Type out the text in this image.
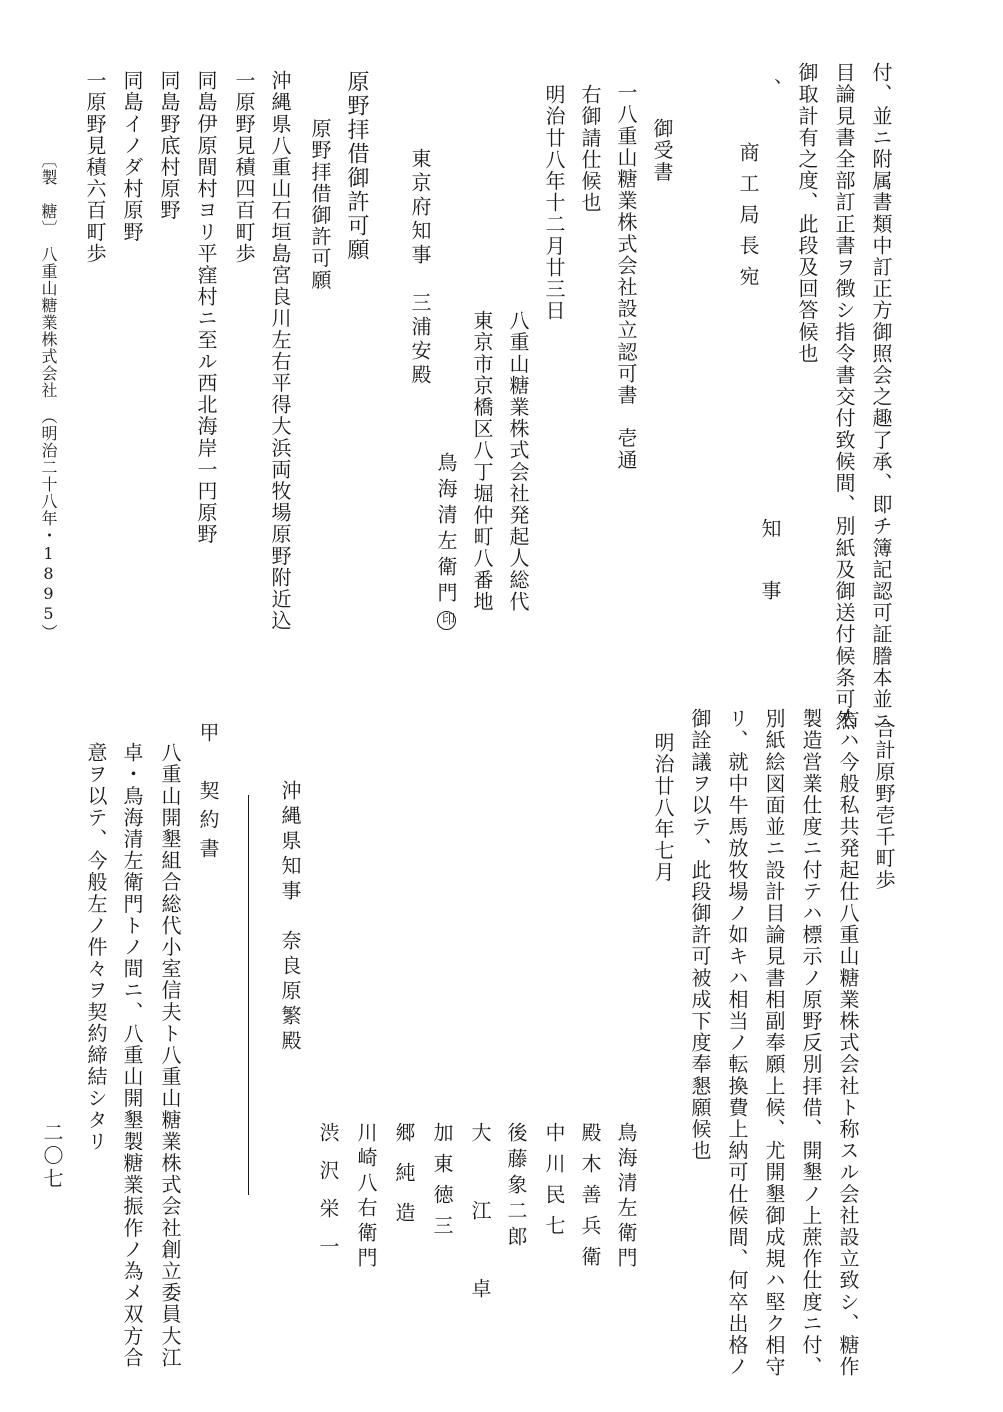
付、並ニ附属書類中訂正方御照会之趣了承、即チ簿記認可証謄本並ニ
目論見書全部訂正書ヲ徴シ指令書交付致候間、別紙及御送付候条可然
御取計有之度、此段及回答候也
、
商工局長宛
知　事
御受書
一八重山糖業株式会社設立認可書　壱通
右御請仕候也
明治廿八年十二月廿三日
八重山糖業株式会社発起人総代
東京市京橋区八丁堀仲町八番地
鳥海清左衛門印
東京府知事　三浦安殿
原野拝借御許可願
原野拝借御許可願
沖縄県八重山石垣島宮良川左右平得大浜両牧場原野附近込
一原野見積四百町歩
同島伊原間村ヨリ平窪村ニ至ル西北海岸一円原野
同島野底村原野
同島イノダ村原野
一原野見積六百町歩
〔製　糖〕　八重山糖業株式会社　（明治二十八年・1895）
合計原野壱千町歩
右ハ今般私共発起仕八重山糖業株式会社ト称スル会社設立致シ、糖作
製造営業仕度ニ付テハ標示ノ原野反別拝借、開墾ノ上蔗作仕度ニ付、
別紙絵図面並ニ設計目論見書相副奉願上候、尤開墾御成規ハ堅ク相守
リ、就中牛馬放牧場ノ如キハ相当ノ転換費上納可仕候間、何卒出格ノ
御詮議ヲ以テ、此段御許可被成下度奉懇願候也
明治廿八年七月
鳥海清左衛門
殿木善兵衛
中川民七
後藤象二郎
大江卓
加東徳三
郷純造
川崎八右衛門
渋沢栄一
沖縄県知事　奈良原繁殿
甲　契約書
八重山開墾組合総代小室信夫ト八重山糖業株式会社創立委員大江
卓・鳥海清左衛門トノ間ニ、八重山開墾製糖業振作ノ為メ双方合
意ヲ以テ、今般左ノ件々ヲ契約締結シタリ
二〇七
